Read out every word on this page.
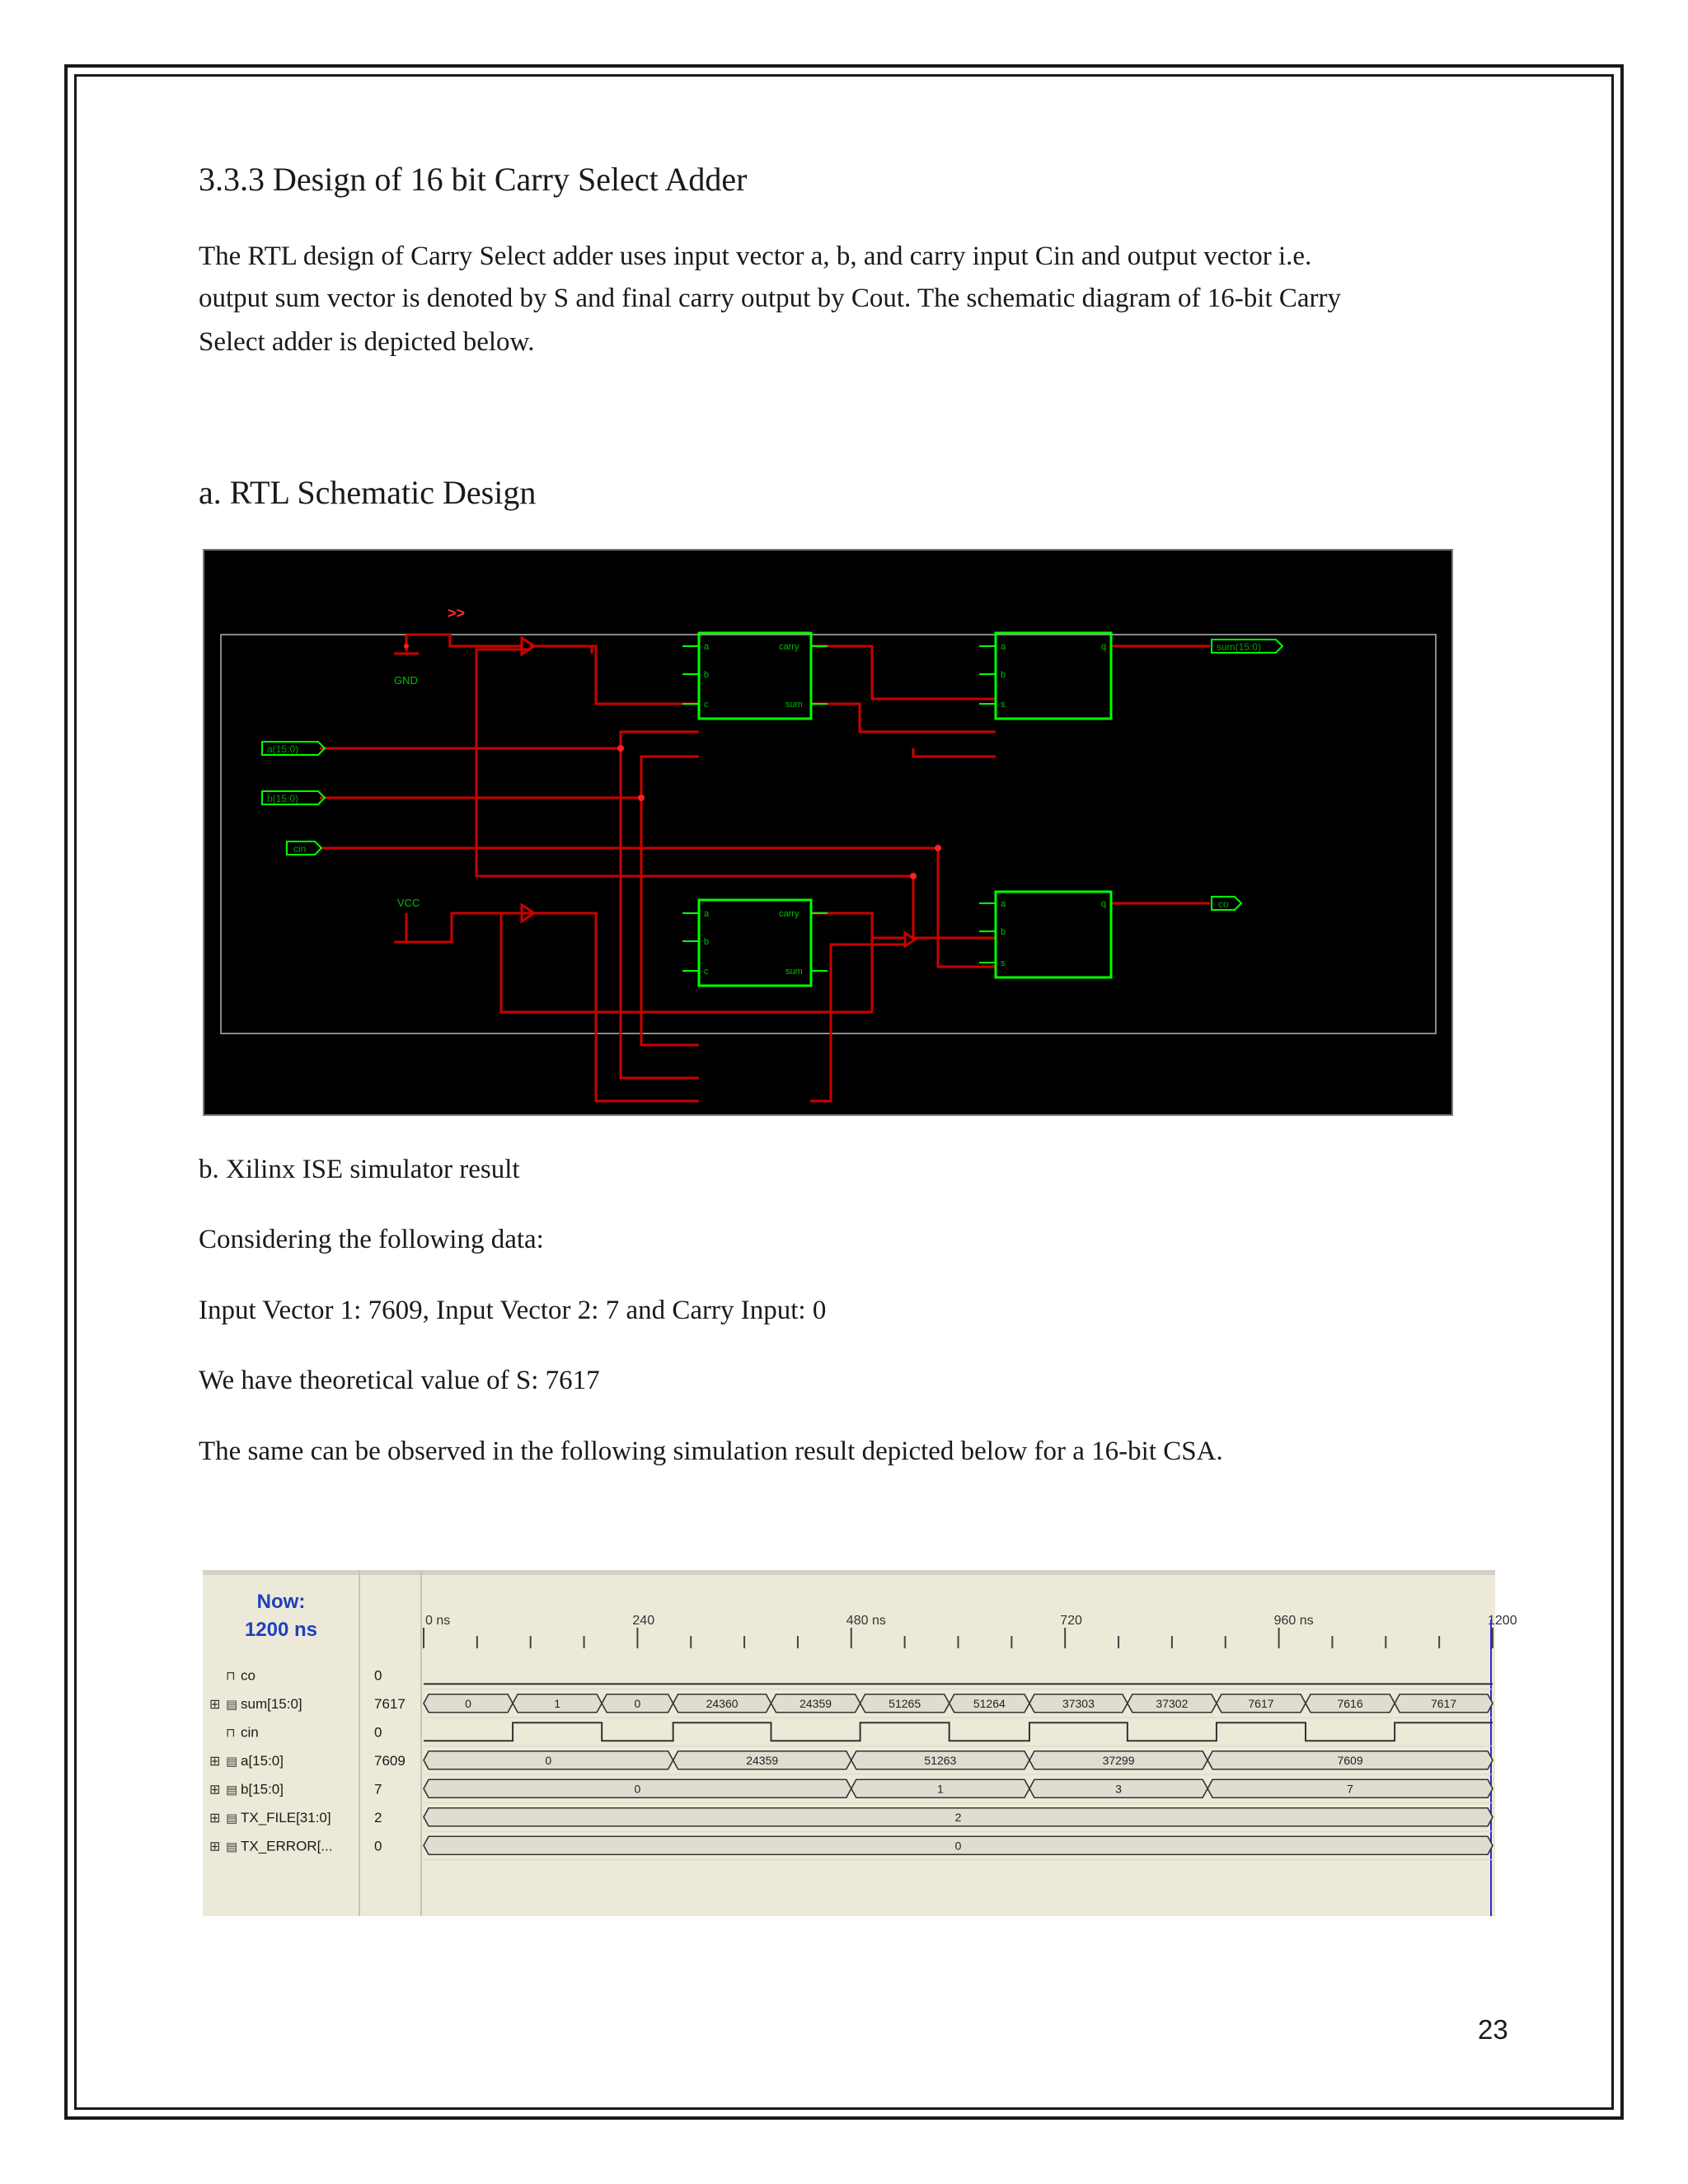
3.3.3 Design of 16 bit Carry Select Adder
The RTL design of Carry Select adder uses input vector a, b, and carry input Cin and output vector i.e.
output sum vector is denoted by S and final carry output by Cout. The schematic diagram of 16-bit Carry
Select adder is depicted below.
a. RTL Schematic Design
>>
GND
VCC
a(15:0)
b(15:0)
cin
sum(15:0)
co
a
b
c
carry
sum
a
b
c
carry
sum
a
b
s
q
a
b
s
q
b. Xilinx ISE simulator result
Considering the following data:
Input Vector 1: 7609, Input Vector 2: 7 and Carry Input: 0
We have theoretical value of S: 7617
The same can be observed in the following simulation result depicted below for a 16-bit CSA.
Now:
1200 ns	0 ns	240	480 ns	720	960 ns	1200
⊓ co	0
⊞ ▤ sum[15:0]	7617	0	1	0	24360	24359	51265	51264	37303	37302	7617	7616	7617
⊓ cin	0
⊞ ▤ a[15:0]	7609	0	24359	51263	37299	7609
⊞ ▤ b[15:0]	7	0	1	3	7
⊞ ▤ TX_FILE[31:0]	2	2
⊞ ▤ TX_ERROR[...	0	0
23
